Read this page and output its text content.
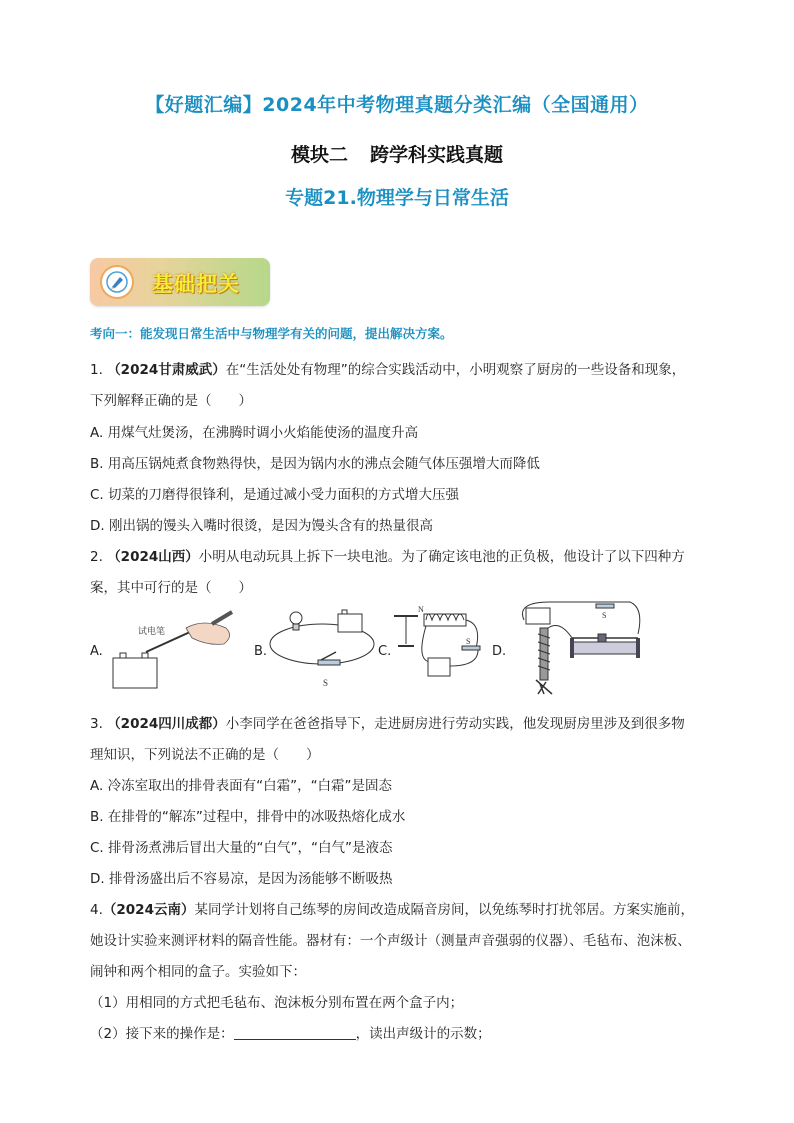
【好题汇编】2024年中考物理真题分类汇编（全国通用）
模块二 跨学科实践真题
专题21.物理学与日常生活
基础把关
考向一：能发现日常生活中与物理学有关的问题，提出解决方案。
1. （2024甘肃威武）在“生活处处有物理”的综合实践活动中，小明观察了厨房的一些设备和现象，
下列解释正确的是（　　）
A. 用煤气灶煲汤，在沸腾时调小火焰能使汤的温度升高
B. 用高压锅炖煮食物熟得快，是因为锅内水的沸点会随气体压强增大而降低
C. 切菜的刀磨得很锋利，是通过减小受力面积的方式增大压强
D. 刚出锅的馒头入嘴时很烫，是因为馒头含有的热量很高
2. （2024山西）小明从电动玩具上拆下一块电池。为了确定该电池的正负极，他设计了以下四种方
案，其中可行的是（　　）
A.	B.	C.	D.
试电笔
S
N
S
S
3. （2024四川成都）小李同学在爸爸指导下，走进厨房进行劳动实践，他发现厨房里涉及到很多物
理知识，下列说法不正确的是（　　）
A. 冷冻室取出的排骨表面有“白霜”，“白霜”是固态
B. 在排骨的“解冻”过程中，排骨中的冰吸热熔化成水
C. 排骨汤煮沸后冒出大量的“白气”，“白气”是液态
D. 排骨汤盛出后不容易凉，是因为汤能够不断吸热
4.（2024云南）某同学计划将自己练琴的房间改造成隔音房间，以免练琴时打扰邻居。方案实施前，
她设计实验来测评材料的隔音性能。器材有：一个声级计（测量声音强弱的仪器）、毛毡布、泡沫板、
闹钟和两个相同的盒子。实验如下：
（1）用相同的方式把毛毡布、泡沫板分别布置在两个盒子内；
（2）接下来的操作是：	，读出声级计的示数；
